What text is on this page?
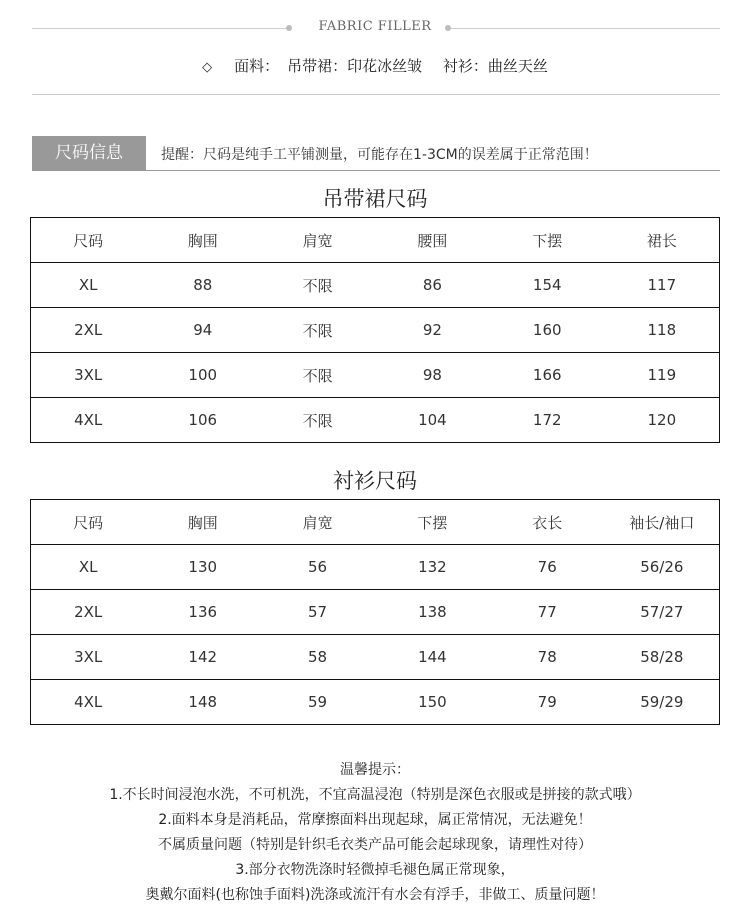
FABRIC FILLER
◇ 面料： 吊带裙：印花冰丝皱 衬衫：曲丝天丝
尺码信息	提醒：尺码是纯手工平铺测量，可能存在1-3CM的误差属于正常范围！
吊带裙尺码
尺码	胸围	肩宽	腰围	下摆	裙长
XL	88	不限	86	154	117
2XL	94	不限	92	160	118
3XL	100	不限	98	166	119
4XL	106	不限	104	172	120
衬衫尺码
尺码	胸围	肩宽	下摆	衣长	袖长/袖口
XL	130	56	132	76	56/26
2XL	136	57	138	77	57/27
3XL	142	58	144	78	58/28
4XL	148	59	150	79	59/29
温馨提示：
1.不长时间浸泡水洗，不可机洗，不宜高温浸泡（特别是深色衣服或是拼接的款式哦）
2.面料本身是消耗品，常摩擦面料出现起球，属正常情况，无法避免！
不属质量问题（特别是针织毛衣类产品可能会起球现象，请理性对待）
3.部分衣物洗涤时轻微掉毛褪色属正常现象，
奥戴尔面料(也称蚀手面料)洗涤或流汗有水会有浮手，非做工、质量问题！
